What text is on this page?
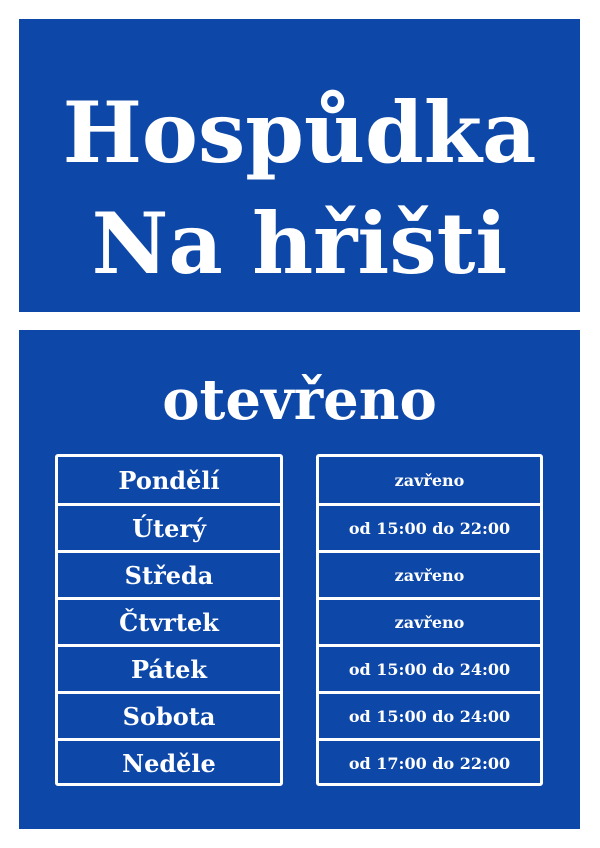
Hospůdka
Na hřišti
otevřeno
Pondělí
Úterý
Středa
Čtvrtek
Pátek
Sobota
Neděle
zavřeno
od 15:00 do 22:00
zavřeno
zavřeno
od 15:00 do 24:00
od 15:00 do 24:00
od 17:00 do 22:00
